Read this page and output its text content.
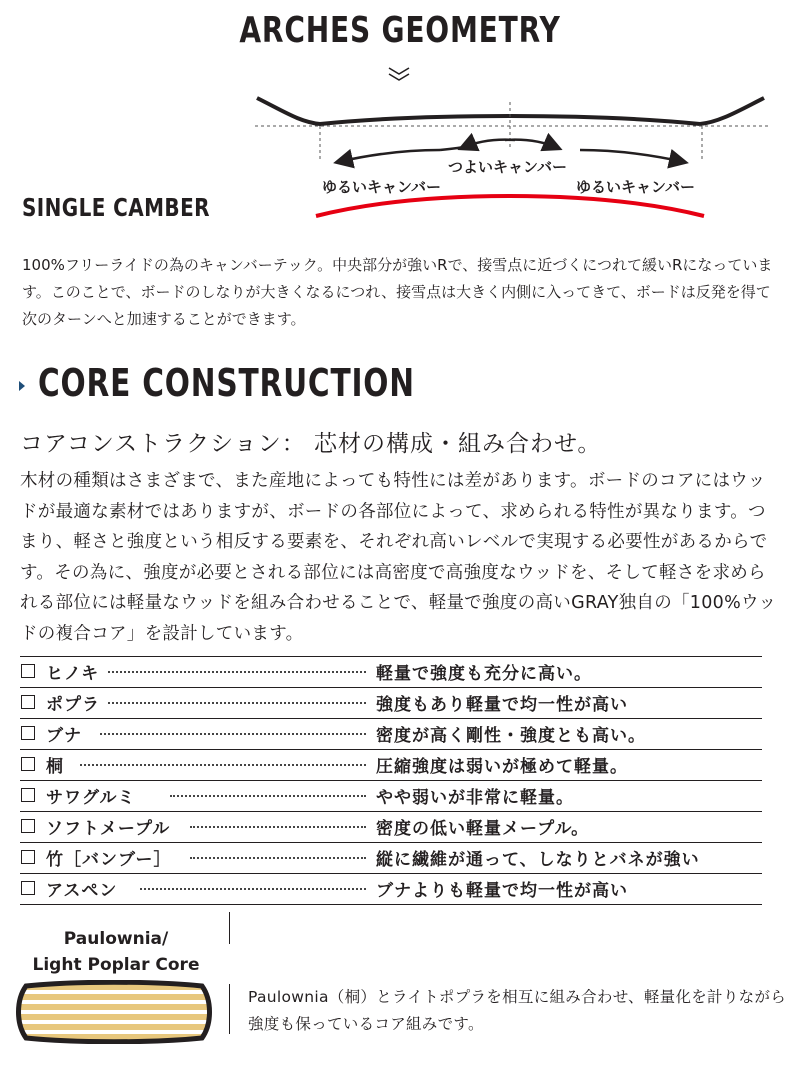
ARCHES GEOMETRY
つよいキャンバー
ゆるいキャンバー	ゆるいキャンバー
SINGLE CAMBER
100%フリーライドの為のキャンバーテック。中央部分が強いRで、接雪点に近づくにつれて緩いRになっています。このことで、ボードのしなりが大きくなるにつれ、接雪点は大きく内側に入ってきて、ボードは反発を得て次のターンへと加速することができます。
CORE CONSTRUCTION
コアコンストラクション： 芯材の構成・組み合わせ。
木材の種類はさまざまで、また産地によっても特性には差があります。ボードのコアにはウッドが最適な素材ではありますが、ボードの各部位によって、求められる特性が異なります。つまり、軽さと強度という相反する要素を、それぞれ高いレベルで実現する必要性があるからです。その為に、強度が必要とされる部位には高密度で高強度なウッドを、そして軽さを求められる部位には軽量なウッドを組み合わせることで、軽量で強度の高いGRAY独自の「100%ウッドの複合コア」を設計しています。
ヒノキ	軽量で強度も充分に高い。
ポプラ	強度もあり軽量で均一性が高い
ブナ	密度が高く剛性・強度とも高い。
桐	圧縮強度は弱いが極めて軽量。
サワグルミ	やや弱いが非常に軽量。
ソフトメープル	密度の低い軽量メープル。
竹［バンブー］	縦に繊維が通って、しなりとバネが強い
アスペン	ブナよりも軽量で均一性が高い
Paulownia/
Light Poplar Core
Paulownia（桐）とライトポプラを相互に組み合わせ、軽量化を計りながら強度も保っているコア組みです。
